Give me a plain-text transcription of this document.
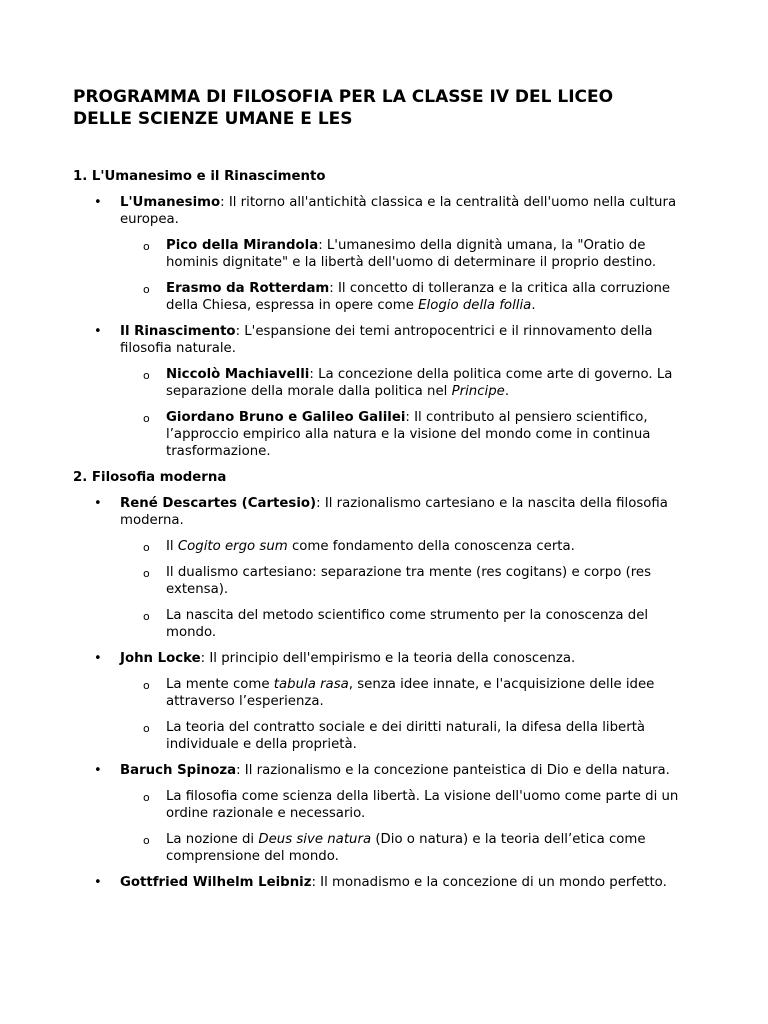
PROGRAMMA DI FILOSOFIA PER LA CLASSE IV DEL LICEO
DELLE SCIENZE UMANE E LES
1. L'Umanesimo e il Rinascimento
• L'Umanesimo: Il ritorno all'antichità classica e la centralità dell'uomo nella cultura europea.
o Pico della Mirandola: L'umanesimo della dignità umana, la "Oratio de hominis dignitate" e la libertà dell'uomo di determinare il proprio destino.
o Erasmo da Rotterdam: Il concetto di tolleranza e la critica alla corruzione della Chiesa, espressa in opere come Elogio della follia.
• Il Rinascimento: L'espansione dei temi antropocentrici e il rinnovamento della filosofia naturale.
o Niccolò Machiavelli: La concezione della politica come arte di governo. La separazione della morale dalla politica nel Principe.
o Giordano Bruno e Galileo Galilei: Il contributo al pensiero scientifico, l’approccio empirico alla natura e la visione del mondo come in continua trasformazione.
2. Filosofia moderna
• René Descartes (Cartesio): Il razionalismo cartesiano e la nascita della filosofia moderna.
o Il Cogito ergo sum come fondamento della conoscenza certa.
o Il dualismo cartesiano: separazione tra mente (res cogitans) e corpo (res extensa).
o La nascita del metodo scientifico come strumento per la conoscenza del mondo.
• John Locke: Il principio dell'empirismo e la teoria della conoscenza.
o La mente come tabula rasa, senza idee innate, e l'acquisizione delle idee attraverso l’esperienza.
o La teoria del contratto sociale e dei diritti naturali, la difesa della libertà individuale e della proprietà.
• Baruch Spinoza: Il razionalismo e la concezione panteistica di Dio e della natura.
o La filosofia come scienza della libertà. La visione dell'uomo come parte di un ordine razionale e necessario.
o La nozione di Deus sive natura (Dio o natura) e la teoria dell’etica come comprensione del mondo.
• Gottfried Wilhelm Leibniz: Il monadismo e la concezione di un mondo perfetto.
